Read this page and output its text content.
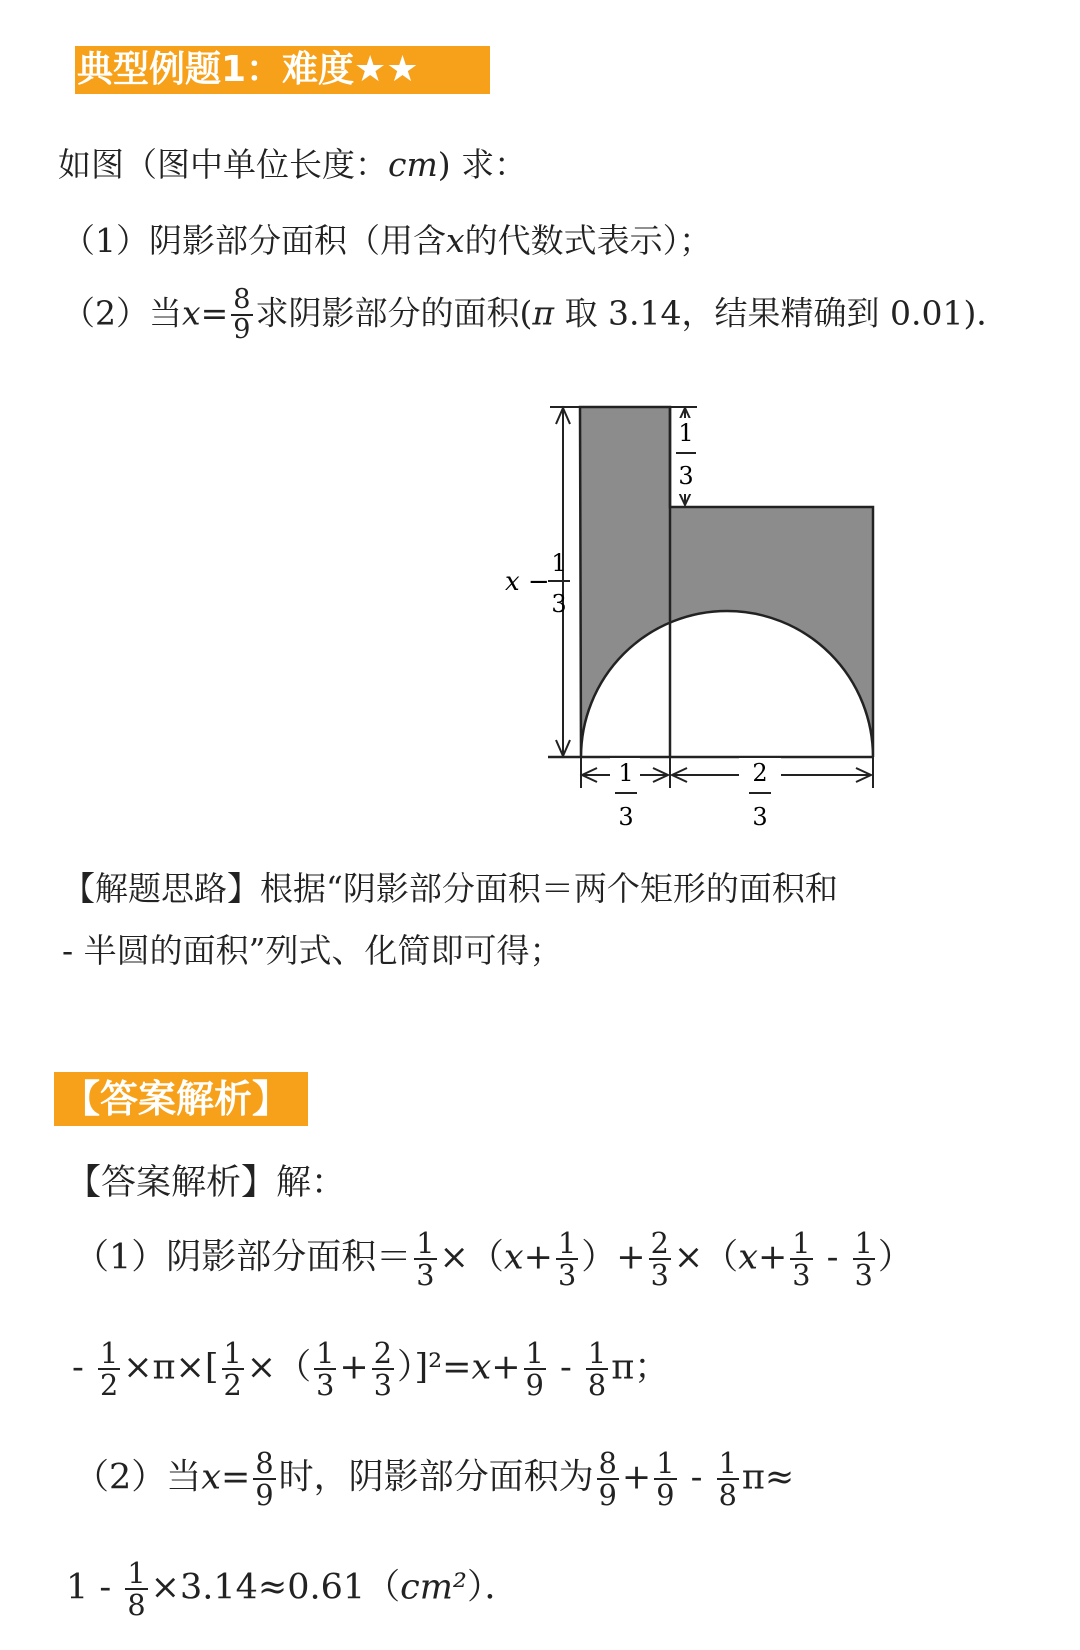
典型例题1：难度★★
如图（图中单位长度：cm) 求：
（1）阴影部分面积（用含x的代数式表示）；
（2）当$x= \frac{8}{9}$ 求阴影部分的面积(π 取 3.14，结果精确到 0.01)．
x −
1
3
1
3
1
3
2
3
【解题思路】根据“阴影部分面积＝两个矩形的面积和
- 半圆的面积”列式、化简即可得；
【答案解析】
【答案解析】解：
（1）阴影部分面积＝ $\frac{1}{3} \times(x+ \frac{1}{3}$ ）+ $\frac{2}{3} \times(x+ \frac{1}{3} - \frac{1}{3}$ ）
- $\frac{1}{2} \times\pi\times[ \frac{1}{2}$ ×（ $\frac{1}{3} + \frac{2}{3} )]^2=x+ \frac{1}{9} - \frac{1}{8}$ π；
（2）当$x= \frac{8}{9}$ 时，阴影部分面积为 $\frac{8}{9} + \frac{1}{9} - \frac{1}{8} \pi\approx$
$1 - \frac{1}{8} \times 3.14\approx 0.61(cm^2)$．
